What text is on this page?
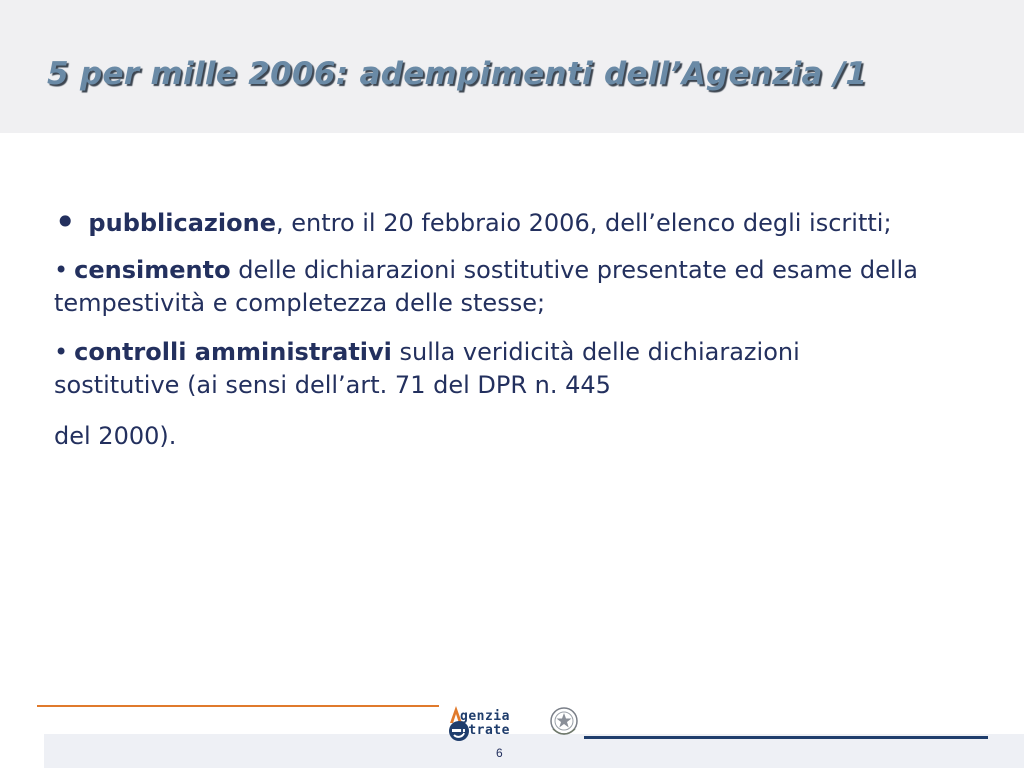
5 per mille 2006: adempimenti dell’Agenzia /1

• pubblicazione, entro il 20 febbraio 2006, dell’elenco degli iscritti;

• censimento delle dichiarazioni sostitutive presentate ed esame della tempestività e completezza delle stesse;

• controlli amministrativi sulla veridicità delle dichiarazioni sostitutive (ai sensi dell’art. 71 del DPR n. 445
del 2000).

genzia
ntrate
6
